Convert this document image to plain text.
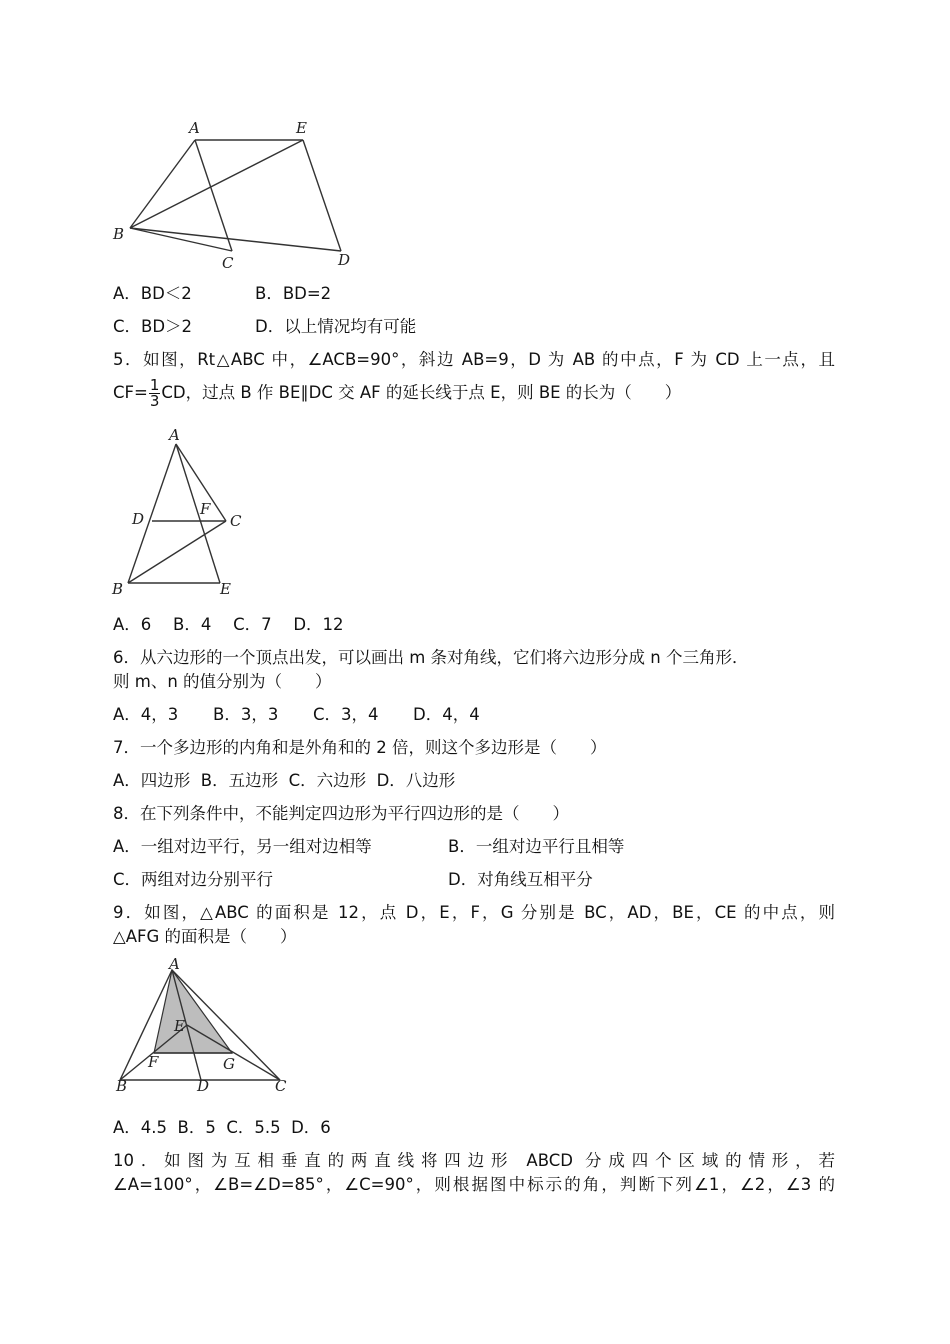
A	E
B
C	D
A．BD＜2	B．BD=2
C．BD＞2	D．以上情况均有可能
5．如图，Rt△ABC 中，∠ACB=90°，斜边 AB=9，D 为 AB 的中点，F 为 CD 上一点，且
$CF= \frac{1}{3}$ CD，过点 B 作 BE∥DC 交 AF 的延长线于点 E，则 BE 的长为（　　）
A
D
F
C
B	E
A．6　 B．4　 C．7　 D．12
6．从六边形的一个顶点出发，可以画出 m 条对角线，它们将六边形分成 n 个三角形．
则 m、n 的值分别为（　　）
A．4，3 B．3，3 C．3，4 D．4，4
7．一个多边形的内角和是外角和的 2 倍，则这个多边形是（　　）
A．四边形  B．五边形  C．六边形  D．八边形
8．在下列条件中，不能判定四边形为平行四边形的是（　　）
A．一组对边平行，另一组对边相等	B．一组对边平行且相等
C．两组对边分别平行	D．对角线互相平分
9．如图，△ABC 的面积是 12，点 D，E，F，G 分别是 BC，AD，BE，CE 的中点，则
△AFG 的面积是（　　）
A
E
F	G
B	D	C
A．4.5  B．5  C．5.5  D．6
10．如图为互相垂直的两直线将四边形 ABCD 分成四个区域的情形，若
∠A=100°，∠B=∠D=85°，∠C=90°，则根据图中标示的角，判断下列∠1，∠2，∠3 的
